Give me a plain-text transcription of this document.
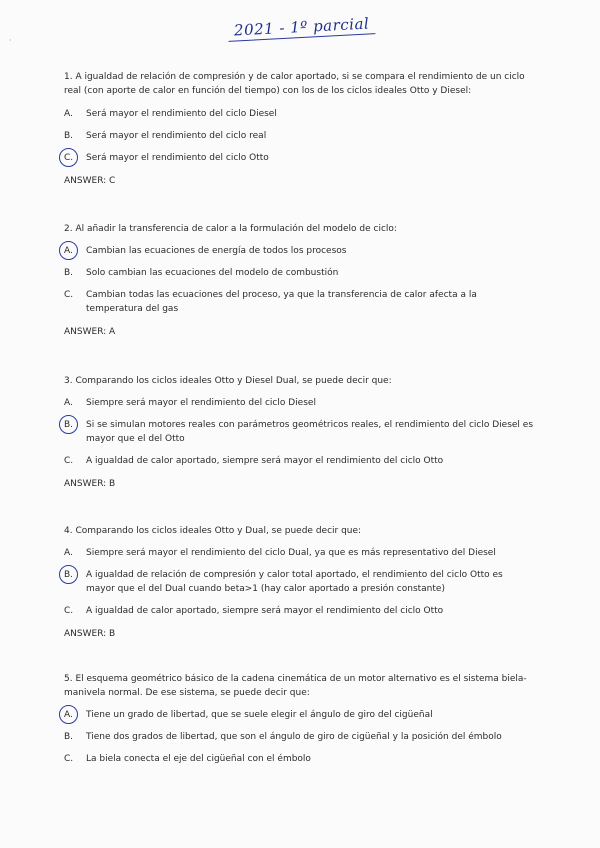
2021 - 1º parcial
·

1. A igualdad de relación de compresión y de calor aportado, si se compara el rendimiento de un ciclo real (con aporte de calor en función del tiempo) con los de los ciclos ideales Otto y Diesel:

A. Será mayor el rendimiento del ciclo Diesel
B. Será mayor el rendimiento del ciclo real
C. Será mayor el rendimiento del ciclo Otto
ANSWER: C

2. Al añadir la transferencia de calor a la formulación del modelo de ciclo:

A. Cambian las ecuaciones de energía de todos los procesos
B. Solo cambian las ecuaciones del modelo de combustión
C. Cambian todas las ecuaciones del proceso, ya que la transferencia de calor afecta a la temperatura del gas
ANSWER: A

3. Comparando los ciclos ideales Otto y Diesel Dual, se puede decir que:

A. Siempre será mayor el rendimiento del ciclo Diesel
B. Si se simulan motores reales con parámetros geométricos reales, el rendimiento del ciclo Diesel es mayor que el del Otto
C. A igualdad de calor aportado, siempre será mayor el rendimiento del ciclo Otto
ANSWER: B

4. Comparando los ciclos ideales Otto y Dual, se puede decir que:

A. Siempre será mayor el rendimiento del ciclo Dual, ya que es más representativo del Diesel
B. A igualdad de relación de compresión y calor total aportado, el rendimiento del ciclo Otto es mayor que el del Dual cuando beta>1 (hay calor aportado a presión constante)
C. A igualdad de calor aportado, siempre será mayor el rendimiento del ciclo Otto
ANSWER: B

5. El esquema geométrico básico de la cadena cinemática de un motor alternativo es el sistema biela-manivela normal. De ese sistema, se puede decir que:

A. Tiene un grado de libertad, que se suele elegir el ángulo de giro del cigüeñal
B. Tiene dos grados de libertad, que son el ángulo de giro de cigüeñal y la posición del émbolo
C. La biela conecta el eje del cigüeñal con el émbolo
